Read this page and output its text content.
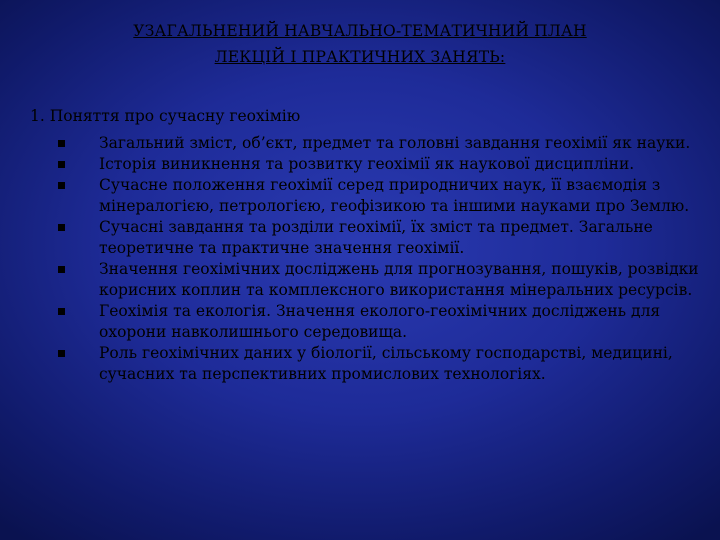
УЗАГАЛЬНЕНИЙ НАВЧАЛЬНО-ТЕМАТИЧНИЙ ПЛАН
ЛЕКЦІЙ І ПРАКТИЧНИХ ЗАНЯТЬ:
1. Поняття про сучасну геохімію
Загальний зміст, об’єкт, предмет та головні завдання геохімії як науки.
Історія виникнення та розвитку геохімії як наукової дисципліни.
Сучасне положення геохімії серед природничих наук, її взаємодія з мінералогією, петрологією, геофізикою та іншими науками про Землю.
Сучасні завдання та розділи геохімії, їх зміст та предмет. Загальне теоретичне та практичне значення геохімії.
Значення геохімічних досліджень для прогнозування, пошуків, розвідки корисних коплин та комплексного використання мінеральних ресурсів.
Геохімія та екологія. Значення еколого-геохімічних досліджень для охорони навколишнього середовища.
Роль геохімічних даних у біології, сільському господарстві, медицині, сучасних та перспективних промислових технологіях.
